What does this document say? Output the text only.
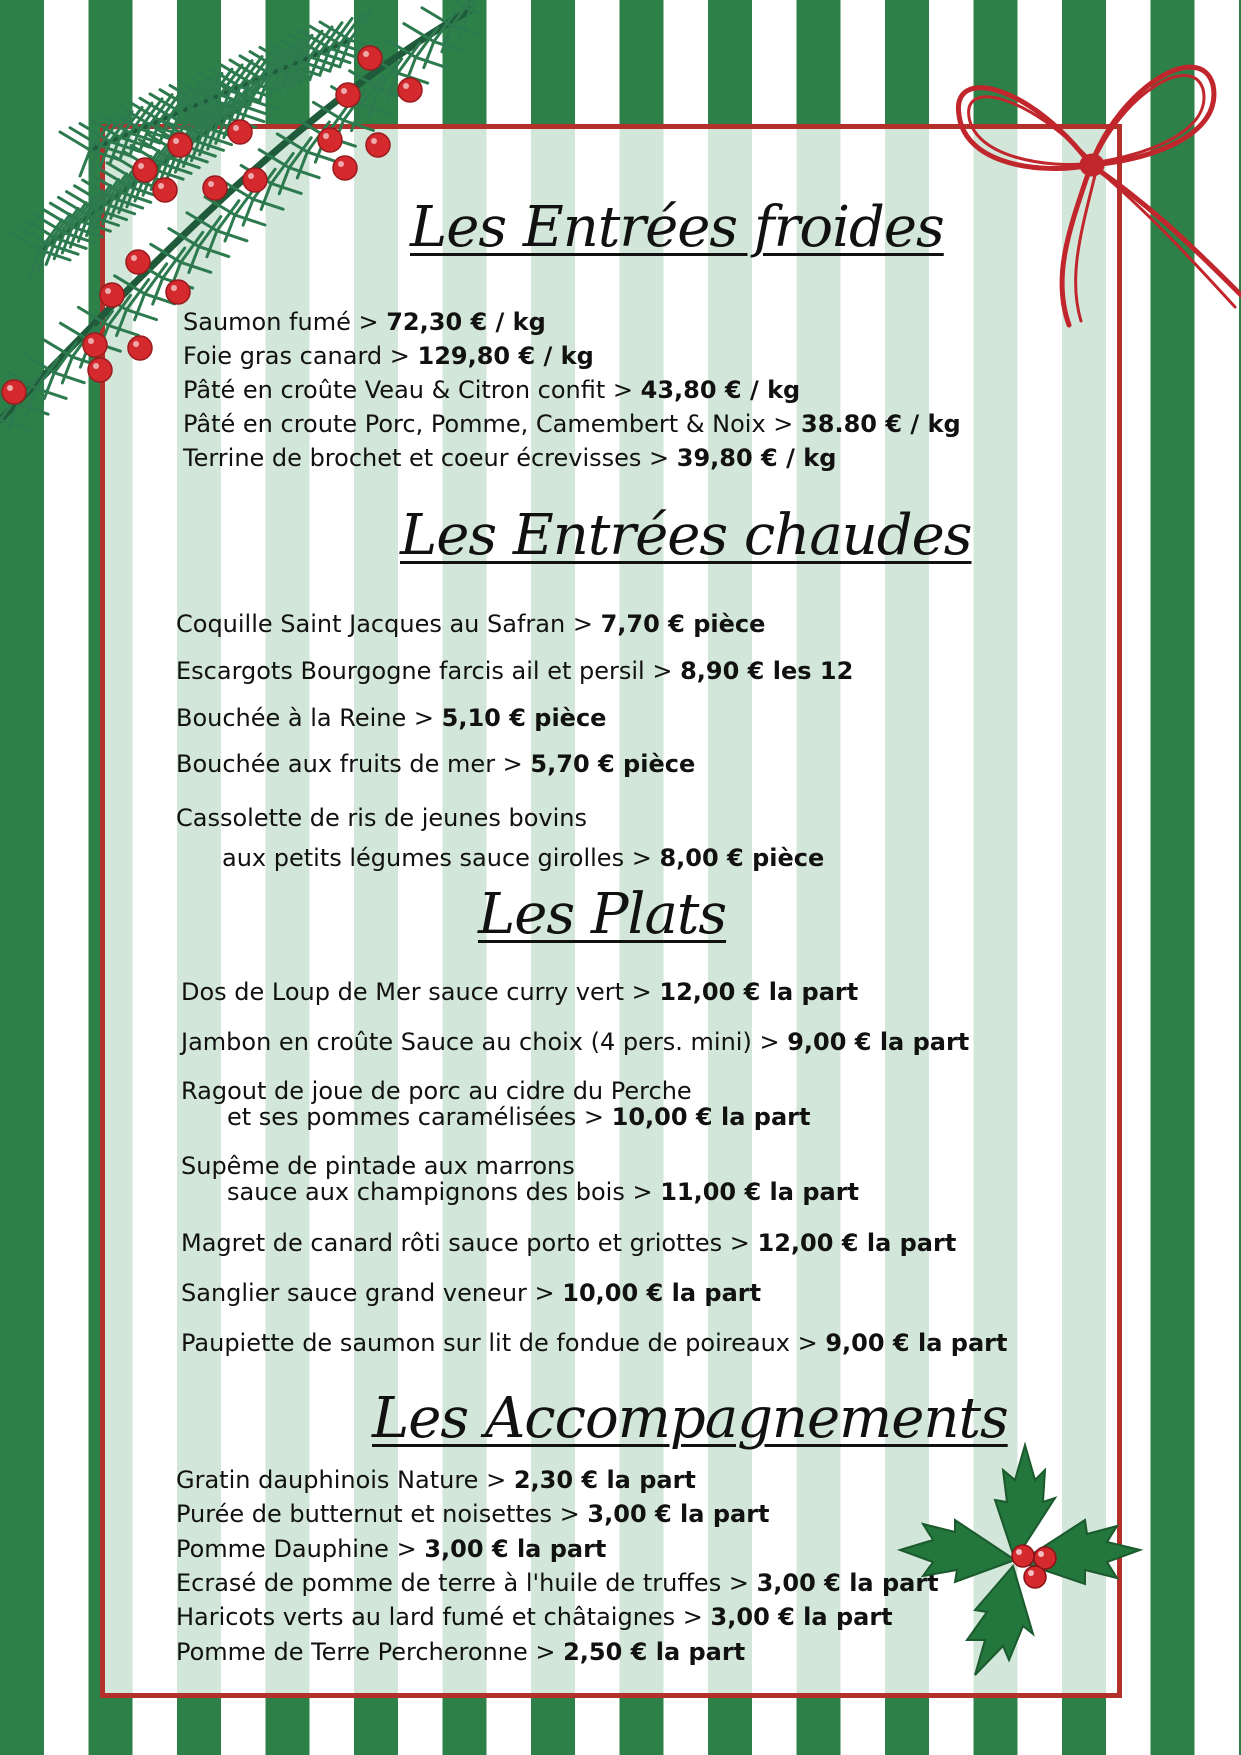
Les Entrées froides
Saumon fumé > 72,30 € / kg
Foie gras canard > 129,80 € / kg
Pâté en croûte Veau & Citron confit > 43,80 € / kg
Pâté en croute Porc, Pomme, Camembert & Noix > 38.80 € / kg
Terrine de brochet et coeur écrevisses > 39,80 € / kg
Les Entrées chaudes
Coquille Saint Jacques au Safran > 7,70 € pièce
Escargots Bourgogne farcis ail et persil > 8,90 € les 12
Bouchée à la Reine > 5,10 € pièce
Bouchée aux fruits de mer > 5,70 € pièce
Cassolette de ris de jeunes bovins
aux petits légumes sauce girolles > 8,00 € pièce
Les Plats
Dos de Loup de Mer sauce curry vert > 12,00 € la part
Jambon en croûte Sauce au choix (4 pers. mini) > 9,00 € la part
Ragout de joue de porc au cidre du Perche
et ses pommes caramélisées > 10,00 € la part
Supême de pintade aux marrons
sauce aux champignons des bois > 11,00 € la part
Magret de canard rôti sauce porto et griottes > 12,00 € la part
Sanglier sauce grand veneur > 10,00 € la part
Paupiette de saumon sur lit de fondue de poireaux > 9,00 € la part
Les Accompagnements
Gratin dauphinois Nature > 2,30 € la part
Purée de butternut et noisettes > 3,00 € la part
Pomme Dauphine > 3,00 € la part
Ecrasé de pomme de terre à l'huile de truffes > 3,00 € la part
Haricots verts au lard fumé et châtaignes > 3,00 € la part
Pomme de Terre Percheronne > 2,50 € la part
